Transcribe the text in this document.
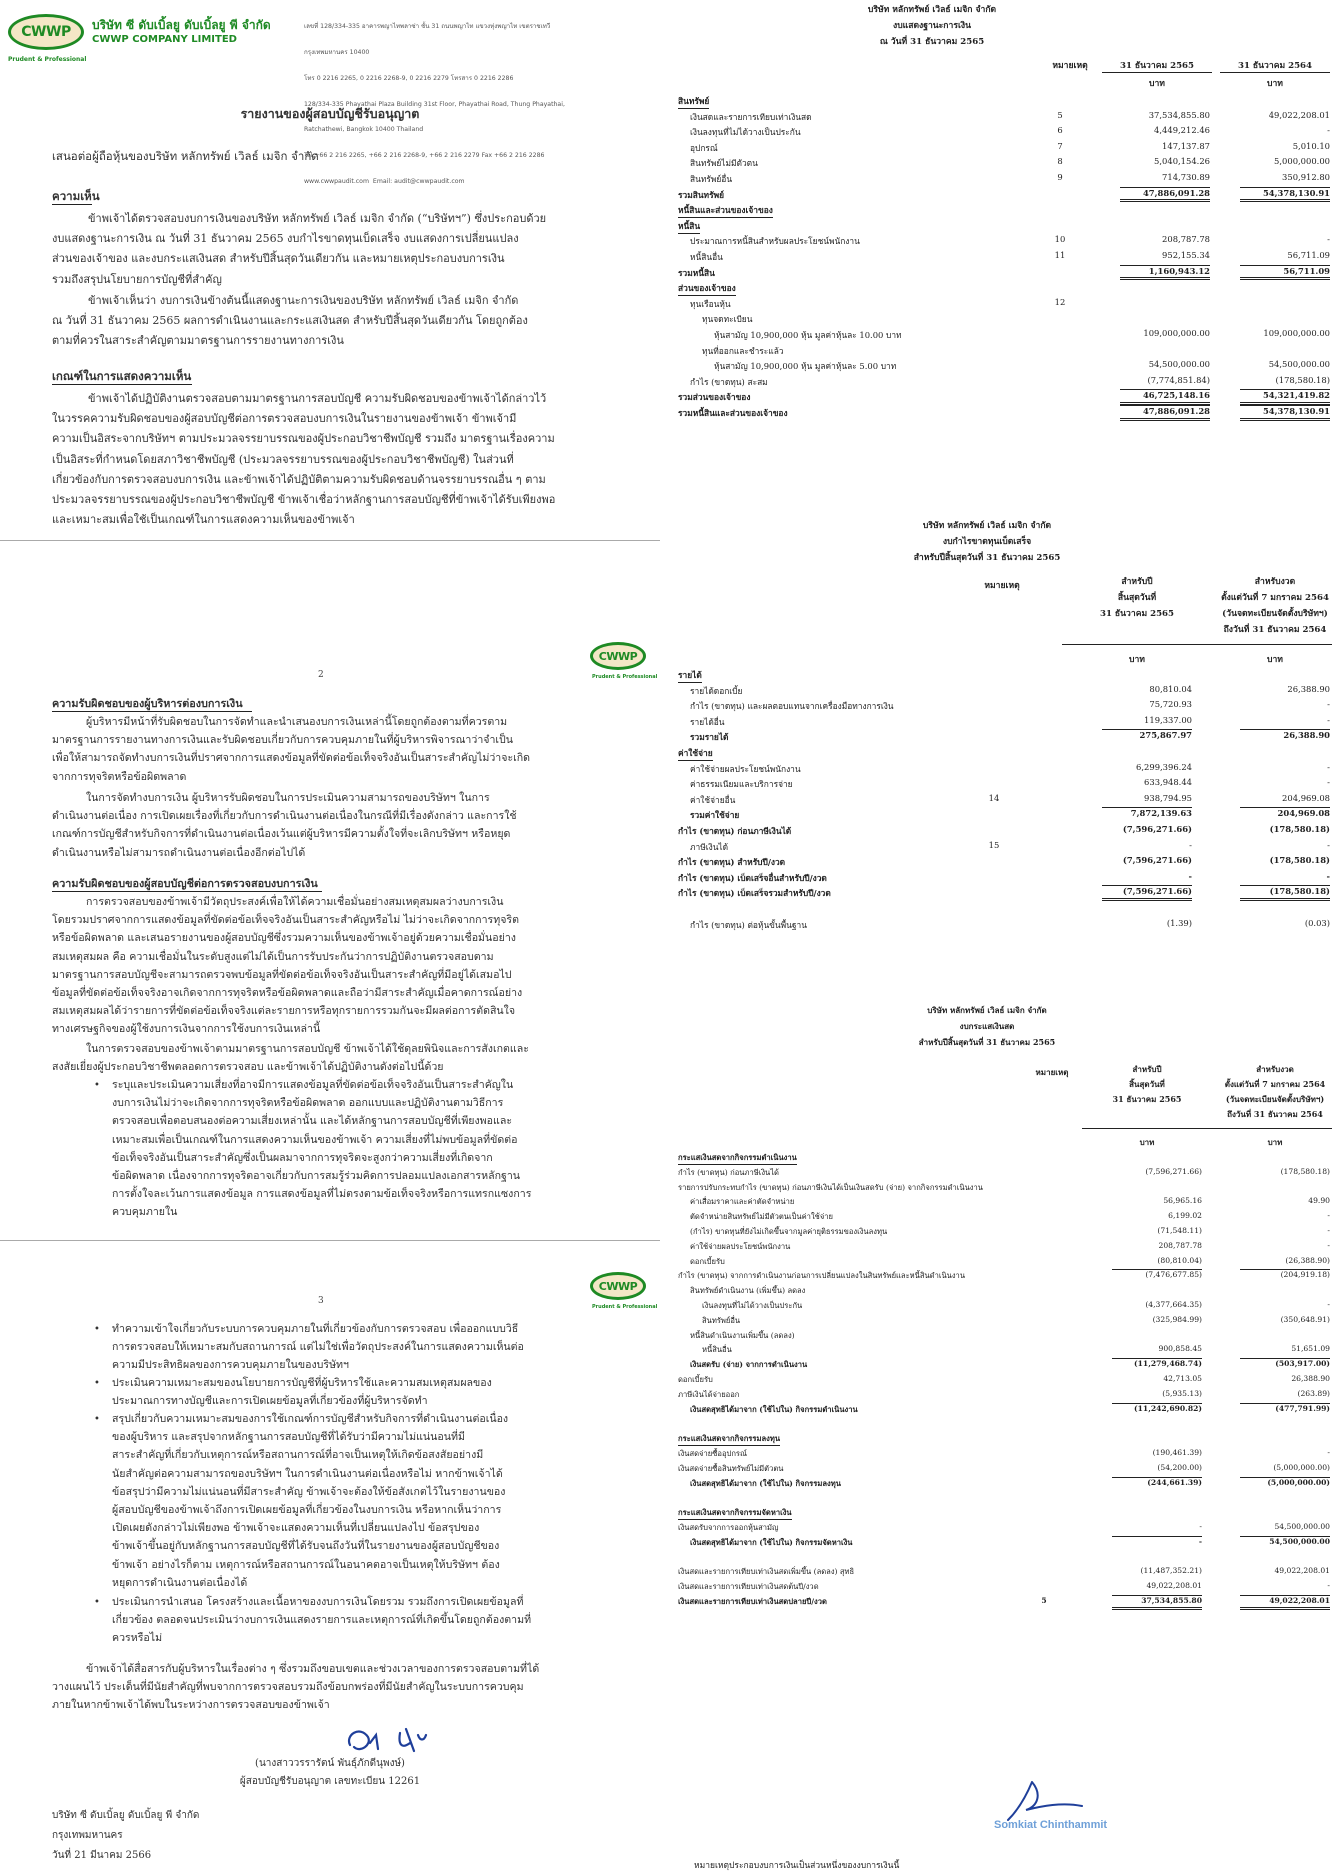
CWWP
Prudent & Professional
บริษัท ซี ดับเบิ้ลยู ดับเบิ้ลยู พี จำกัด
CWWP COMPANY LIMITED

เลขที่ 128/334-335 อาคารพญาไทพลาซ่า ชั้น 31 ถนนพญาไท แขวงทุ่งพญาไท เขตราชเทวี

กรุงเทพมหานคร 10400

โทร 0 2216 2265, 0 2216 2268-9, 0 2216 2279 โทรสาร 0 2216 2286

128/334-335 Phayathai Plaza Building 31st Floor, Phayathai Road, Thung Phayathai,

Ratchathewi, Bangkok 10400 Thailand

Tel +66 2 216 2265, +66 2 216 2268-9, +66 2 216 2279 Fax +66 2 216 2286

www.cwwpaudit.com  Email: audit@cwwpaudit.com

รายงานของผู้สอบบัญชีรับอนุญาต
เสนอต่อผู้ถือหุ้นของบริษัท หลักทรัพย์ เวิลธ์ เมจิก จำกัด
ความเห็น
ข้าพเจ้าได้ตรวจสอบงบการเงินของบริษัท หลักทรัพย์ เวิลธ์ เมจิก จำกัด (“บริษัทฯ”) ซึ่งประกอบด้วย
งบแสดงฐานะการเงิน ณ วันที่ 31 ธันวาคม 2565 งบกำไรขาดทุนเบ็ดเสร็จ งบแสดงการเปลี่ยนแปลง
ส่วนของเจ้าของ และงบกระแสเงินสด สำหรับปีสิ้นสุดวันเดียวกัน และหมายเหตุประกอบงบการเงิน
รวมถึงสรุปนโยบายการบัญชีที่สำคัญ
ข้าพเจ้าเห็นว่า งบการเงินข้างต้นนี้แสดงฐานะการเงินของบริษัท หลักทรัพย์ เวิลธ์ เมจิก จำกัด
ณ วันที่ 31 ธันวาคม 2565 ผลการดำเนินงานและกระแสเงินสด สำหรับปีสิ้นสุดวันเดียวกัน โดยถูกต้อง
ตามที่ควรในสาระสำคัญตามมาตรฐานการรายงานทางการเงิน
เกณฑ์ในการแสดงความเห็น
ข้าพเจ้าได้ปฏิบัติงานตรวจสอบตามมาตรฐานการสอบบัญชี ความรับผิดชอบของข้าพเจ้าได้กล่าวไว้
ในวรรคความรับผิดชอบของผู้สอบบัญชีต่อการตรวจสอบงบการเงินในรายงานของข้าพเจ้า ข้าพเจ้ามี
ความเป็นอิสระจากบริษัทฯ ตามประมวลจรรยาบรรณของผู้ประกอบวิชาชีพบัญชี รวมถึง มาตรฐานเรื่องความ
เป็นอิสระที่กำหนดโดยสภาวิชาชีพบัญชี (ประมวลจรรยาบรรณของผู้ประกอบวิชาชีพบัญชี) ในส่วนที่
เกี่ยวข้องกับการตรวจสอบงบการเงิน และข้าพเจ้าได้ปฏิบัติตามความรับผิดชอบด้านจรรยาบรรณอื่น ๆ ตาม
ประมวลจรรยาบรรณของผู้ประกอบวิชาชีพบัญชี ข้าพเจ้าเชื่อว่าหลักฐานการสอบบัญชีที่ข้าพเจ้าได้รับเพียงพอ
และเหมาะสมเพื่อใช้เป็นเกณฑ์ในการแสดงความเห็นของข้าพเจ้า
2
CWWP
Prudent & Professional
ความรับผิดชอบของผู้บริหารต่องบการเงิน
ผู้บริหารมีหน้าที่รับผิดชอบในการจัดทำและนำเสนองบการเงินเหล่านี้โดยถูกต้องตามที่ควรตาม
มาตรฐานการรายงานทางการเงินและรับผิดชอบเกี่ยวกับการควบคุมภายในที่ผู้บริหารพิจารณาว่าจำเป็น
เพื่อให้สามารถจัดทำงบการเงินที่ปราศจากการแสดงข้อมูลที่ขัดต่อข้อเท็จจริงอันเป็นสาระสำคัญไม่ว่าจะเกิด
จากการทุจริตหรือข้อผิดพลาด
ในการจัดทำงบการเงิน ผู้บริหารรับผิดชอบในการประเมินความสามารถของบริษัทฯ ในการ
ดำเนินงานต่อเนื่อง การเปิดเผยเรื่องที่เกี่ยวกับการดำเนินงานต่อเนื่องในกรณีที่มีเรื่องดังกล่าว และการใช้
เกณฑ์การบัญชีสำหรับกิจการที่ดำเนินงานต่อเนื่องเว้นแต่ผู้บริหารมีความตั้งใจที่จะเลิกบริษัทฯ หรือหยุด
ดำเนินงานหรือไม่สามารถดำเนินงานต่อเนื่องอีกต่อไปได้
ความรับผิดชอบของผู้สอบบัญชีต่อการตรวจสอบงบการเงิน
การตรวจสอบของข้าพเจ้ามีวัตถุประสงค์เพื่อให้ได้ความเชื่อมั่นอย่างสมเหตุสมผลว่างบการเงิน
โดยรวมปราศจากการแสดงข้อมูลที่ขัดต่อข้อเท็จจริงอันเป็นสาระสำคัญหรือไม่ ไม่ว่าจะเกิดจากการทุจริต
หรือข้อผิดพลาด และเสนอรายงานของผู้สอบบัญชีซึ่งรวมความเห็นของข้าพเจ้าอยู่ด้วยความเชื่อมั่นอย่าง
สมเหตุสมผล คือ ความเชื่อมั่นในระดับสูงแต่ไม่ได้เป็นการรับประกันว่าการปฏิบัติงานตรวจสอบตาม
มาตรฐานการสอบบัญชีจะสามารถตรวจพบข้อมูลที่ขัดต่อข้อเท็จจริงอันเป็นสาระสำคัญที่มีอยู่ได้เสมอไป
ข้อมูลที่ขัดต่อข้อเท็จจริงอาจเกิดจากการทุจริตหรือข้อผิดพลาดและถือว่ามีสาระสำคัญเมื่อคาดการณ์อย่าง
สมเหตุสมผลได้ว่ารายการที่ขัดต่อข้อเท็จจริงแต่ละรายการหรือทุกรายการรวมกันจะมีผลต่อการตัดสินใจ
ทางเศรษฐกิจของผู้ใช้งบการเงินจากการใช้งบการเงินเหล่านี้
ในการตรวจสอบของข้าพเจ้าตามมาตรฐานการสอบบัญชี ข้าพเจ้าได้ใช้ดุลยพินิจและการสังเกตและ
สงสัยเยี่ยงผู้ประกอบวิชาชีพตลอดการตรวจสอบ และข้าพเจ้าได้ปฏิบัติงานดังต่อไปนี้ด้วย
• ระบุและประเมินความเสี่ยงที่อาจมีการแสดงข้อมูลที่ขัดต่อข้อเท็จจริงอันเป็นสาระสำคัญใน
งบการเงินไม่ว่าจะเกิดจากการทุจริตหรือข้อผิดพลาด ออกแบบและปฏิบัติงานตามวิธีการ
ตรวจสอบเพื่อตอบสนองต่อความเสี่ยงเหล่านั้น และได้หลักฐานการสอบบัญชีที่เพียงพอและ
เหมาะสมเพื่อเป็นเกณฑ์ในการแสดงความเห็นของข้าพเจ้า ความเสี่ยงที่ไม่พบข้อมูลที่ขัดต่อ
ข้อเท็จจริงอันเป็นสาระสำคัญซึ่งเป็นผลมาจากการทุจริตจะสูงกว่าความเสี่ยงที่เกิดจาก
ข้อผิดพลาด เนื่องจากการทุจริตอาจเกี่ยวกับการสมรู้ร่วมคิดการปลอมแปลงเอกสารหลักฐาน
การตั้งใจละเว้นการแสดงข้อมูล การแสดงข้อมูลที่ไม่ตรงตามข้อเท็จจริงหรือการแทรกแซงการ
ควบคุมภายใน
3
CWWP
Prudent & Professional
• ทำความเข้าใจเกี่ยวกับระบบการควบคุมภายในที่เกี่ยวข้องกับการตรวจสอบ เพื่อออกแบบวิธี
การตรวจสอบให้เหมาะสมกับสถานการณ์ แต่ไม่ใช่เพื่อวัตถุประสงค์ในการแสดงความเห็นต่อ
ความมีประสิทธิผลของการควบคุมภายในของบริษัทฯ
• ประเมินความเหมาะสมของนโยบายการบัญชีที่ผู้บริหารใช้และความสมเหตุสมผลของ
ประมาณการทางบัญชีและการเปิดเผยข้อมูลที่เกี่ยวข้องที่ผู้บริหารจัดทำ
• สรุปเกี่ยวกับความเหมาะสมของการใช้เกณฑ์การบัญชีสำหรับกิจการที่ดำเนินงานต่อเนื่อง
ของผู้บริหาร และสรุปจากหลักฐานการสอบบัญชีที่ได้รับว่ามีความไม่แน่นอนที่มี
สาระสำคัญที่เกี่ยวกับเหตุการณ์หรือสถานการณ์ที่อาจเป็นเหตุให้เกิดข้อสงสัยอย่างมี
นัยสำคัญต่อความสามารถของบริษัทฯ ในการดำเนินงานต่อเนื่องหรือไม่ หากข้าพเจ้าได้
ข้อสรุปว่ามีความไม่แน่นอนที่มีสาระสำคัญ ข้าพเจ้าจะต้องให้ข้อสังเกตไว้ในรายงานของ
ผู้สอบบัญชีของข้าพเจ้าถึงการเปิดเผยข้อมูลที่เกี่ยวข้องในงบการเงิน หรือหากเห็นว่าการ
เปิดเผยดังกล่าวไม่เพียงพอ ข้าพเจ้าจะแสดงความเห็นที่เปลี่ยนแปลงไป ข้อสรุปของ
ข้าพเจ้าขึ้นอยู่กับหลักฐานการสอบบัญชีที่ได้รับจนถึงวันที่ในรายงานของผู้สอบบัญชีของ
ข้าพเจ้า อย่างไรก็ตาม เหตุการณ์หรือสถานการณ์ในอนาคตอาจเป็นเหตุให้บริษัทฯ ต้อง
หยุดการดำเนินงานต่อเนื่องได้
• ประเมินการนำเสนอ โครงสร้างและเนื้อหาของงบการเงินโดยรวม รวมถึงการเปิดเผยข้อมูลที่
เกี่ยวข้อง ตลอดจนประเมินว่างบการเงินแสดงรายการและเหตุการณ์ที่เกิดขึ้นโดยถูกต้องตามที่
ควรหรือไม่
ข้าพเจ้าได้สื่อสารกับผู้บริหารในเรื่องต่าง ๆ ซึ่งรวมถึงขอบเขตและช่วงเวลาของการตรวจสอบตามที่ได้
วางแผนไว้ ประเด็นที่มีนัยสำคัญที่พบจากการตรวจสอบรวมถึงข้อบกพร่องที่มีนัยสำคัญในระบบการควบคุม
ภายในหากข้าพเจ้าได้พบในระหว่างการตรวจสอบของข้าพเจ้า
(นางสาววรรารัตน์ พันธุ์ภักดีนุพงษ์)
ผู้สอบบัญชีรับอนุญาต เลขทะเบียน 12261
บริษัท ซี ดับเบิ้ลยู ดับเบิ้ลยู พี จำกัด
กรุงเทพมหานคร
วันที่ 21 มีนาคม 2566
บริษัท หลักทรัพย์ เวิลธ์ เมจิก จำกัด
งบแสดงฐานะการเงิน
ณ วันที่ 31 ธันวาคม 2565
หมายเหตุ	31 ธันวาคม 2565	31 ธันวาคม 2564
บาท	บาท
บริษัท หลักทรัพย์ เวิลธ์ เมจิก จำกัด
งบกำไรขาดทุนเบ็ดเสร็จ
สำหรับปีสิ้นสุดวันที่ 31 ธันวาคม 2565
หมายเหตุ	สำหรับปี
สิ้นสุดวันที่
31 ธันวาคม 2565
สำหรับงวด
ตั้งแต่วันที่ 7 มกราคม 2564
(วันจดทะเบียนจัดตั้งบริษัทฯ)
ถึงวันที่ 31 ธันวาคม 2564
บาท	บาท
บริษัท หลักทรัพย์ เวิลธ์ เมจิก จำกัด
งบกระแสเงินสด
สำหรับปีสิ้นสุดวันที่ 31 ธันวาคม 2565
หมายเหตุ	สำหรับปี
สิ้นสุดวันที่
31 ธันวาคม 2565
สำหรับงวด
ตั้งแต่วันที่ 7 มกราคม 2564
(วันจดทะเบียนจัดตั้งบริษัทฯ)
ถึงวันที่ 31 ธันวาคม 2564
บาท	บาท
Somkiat Chinthammit
หมายเหตุประกอบงบการเงินเป็นส่วนหนึ่งของงบการเงินนี้
สินทรัพย์
เงินสดและรายการเทียบเท่าเงินสด	5	37,534,855.80	49,022,208.01
เงินลงทุนที่ไม่ได้วางเป็นประกัน	6	4,449,212.46	-
อุปกรณ์	7	147,137.87	5,010.10
สินทรัพย์ไม่มีตัวตน	8	5,040,154.26	5,000,000.00
สินทรัพย์อื่น	9	714,730.89	350,912.80
รวมสินทรัพย์	47,886,091.28	54,378,130.91
หนี้สินและส่วนของเจ้าของ
หนี้สิน
ประมาณการหนี้สินสำหรับผลประโยชน์พนักงาน	10	208,787.78	-
หนี้สินอื่น	11	952,155.34	56,711.09
รวมหนี้สิน	1,160,943.12	56,711.09
ส่วนของเจ้าของ
ทุนเรือนหุ้น	12
ทุนจดทะเบียน
หุ้นสามัญ 10,900,000 หุ้น มูลค่าหุ้นละ 10.00 บาท	109,000,000.00	109,000,000.00
ทุนที่ออกและชำระแล้ว
หุ้นสามัญ 10,900,000 หุ้น มูลค่าหุ้นละ 5.00 บาท	54,500,000.00	54,500,000.00
กำไร (ขาดทุน) สะสม	(7,774,851.84)	(178,580.18)
รวมส่วนของเจ้าของ	46,725,148.16	54,321,419.82
รวมหนี้สินและส่วนของเจ้าของ	47,886,091.28	54,378,130.91
รายได้
รายได้ดอกเบี้ย	80,810.04	26,388.90
กำไร (ขาดทุน) และผลตอบแทนจากเครื่องมือทางการเงิน	75,720.93	-
รายได้อื่น	119,337.00	-
รวมรายได้	275,867.97	26,388.90
ค่าใช้จ่าย
ค่าใช้จ่ายผลประโยชน์พนักงาน	6,299,396.24	-
ค่าธรรมเนียมและบริการจ่าย	633,948.44	-
ค่าใช้จ่ายอื่น	14	938,794.95	204,969.08
รวมค่าใช้จ่าย	7,872,139.63	204,969.08
กำไร (ขาดทุน) ก่อนภาษีเงินได้	(7,596,271.66)	(178,580.18)
ภาษีเงินได้	15	-	-
กำไร (ขาดทุน) สำหรับปี/งวด	(7,596,271.66)	(178,580.18)
กำไร (ขาดทุน) เบ็ดเสร็จอื่นสำหรับปี/งวด	-	-
กำไร (ขาดทุน) เบ็ดเสร็จรวมสำหรับปี/งวด	(7,596,271.66)	(178,580.18)
กำไร (ขาดทุน) ต่อหุ้นขั้นพื้นฐาน	(1.39)	(0.03)
กระแสเงินสดจากกิจกรรมดำเนินงาน
กำไร (ขาดทุน) ก่อนภาษีเงินได้	(7,596,271.66)	(178,580.18)
รายการปรับกระทบกำไร (ขาดทุน) ก่อนภาษีเงินได้เป็นเงินสดรับ (จ่าย) จากกิจกรรมดำเนินงาน
ค่าเสื่อมราคาและค่าตัดจำหน่าย	56,965.16	49.90
ตัดจำหน่ายสินทรัพย์ไม่มีตัวตนเป็นค่าใช้จ่าย	6,199.02	-
(กำไร) ขาดทุนที่ยังไม่เกิดขึ้นจากมูลค่ายุติธรรมของเงินลงทุน	(71,548.11)	-
ค่าใช้จ่ายผลประโยชน์พนักงาน	208,787.78	-
ดอกเบี้ยรับ	(80,810.04)	(26,388.90)
กำไร (ขาดทุน) จากการดำเนินงานก่อนการเปลี่ยนแปลงในสินทรัพย์และหนี้สินดำเนินงาน	(7,476,677.85)	(204,919.18)
สินทรัพย์ดำเนินงาน (เพิ่มขึ้น) ลดลง
เงินลงทุนที่ไม่ได้วางเป็นประกัน	(4,377,664.35)	-
สินทรัพย์อื่น	(325,984.99)	(350,648.91)
หนี้สินดำเนินงานเพิ่มขึ้น (ลดลง)
หนี้สินอื่น	900,858.45	51,651.09
เงินสดรับ (จ่าย) จากการดำเนินงาน	(11,279,468.74)	(503,917.00)
ดอกเบี้ยรับ	42,713.05	26,388.90
ภาษีเงินได้จ่ายออก	(5,935.13)	(263.89)
เงินสดสุทธิได้มาจาก (ใช้ไปใน) กิจกรรมดำเนินงาน	(11,242,690.82)	(477,791.99)
กระแสเงินสดจากกิจกรรมลงทุน
เงินสดจ่ายซื้ออุปกรณ์	(190,461.39)	-
เงินสดจ่ายซื้อสินทรัพย์ไม่มีตัวตน	(54,200.00)	(5,000,000.00)
เงินสดสุทธิได้มาจาก (ใช้ไปใน) กิจกรรมลงทุน	(244,661.39)	(5,000,000.00)
กระแสเงินสดจากกิจกรรมจัดหาเงิน
เงินสดรับจากการออกหุ้นสามัญ	-	54,500,000.00
เงินสดสุทธิได้มาจาก (ใช้ไปใน) กิจกรรมจัดหาเงิน	-	54,500,000.00
เงินสดและรายการเทียบเท่าเงินสดเพิ่มขึ้น (ลดลง) สุทธิ	(11,487,352.21)	49,022,208.01
เงินสดและรายการเทียบเท่าเงินสดต้นปี/งวด	49,022,208.01	-
เงินสดและรายการเทียบเท่าเงินสดปลายปี/งวด	5	37,534,855.80	49,022,208.01
